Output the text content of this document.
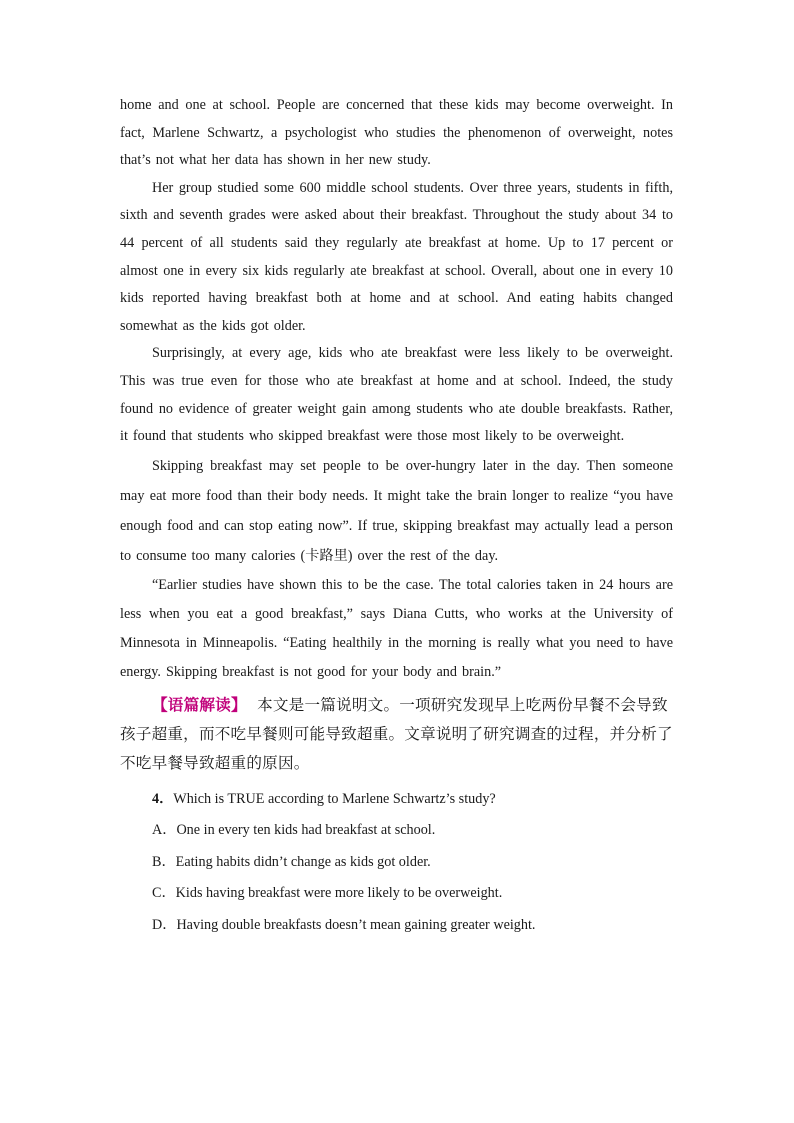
home and one at school. People are concerned that these kids may become overweight. In fact, Marlene Schwartz, a psychologist who studies the phenomenon of overweight, notes that’s not what her data has shown in her new study.

Her group studied some 600 middle school students. Over three years, students in fifth, sixth and seventh grades were asked about their breakfast. Throughout the study about 34 to 44 percent of all students said they regularly ate breakfast at home. Up to 17 percent or almost one in every six kids regularly ate breakfast at school. Overall, about one in every 10 kids reported having breakfast both at home and at school. And eating habits changed somewhat as the kids got older.

Surprisingly, at every age, kids who ate breakfast were less likely to be overweight. This was true even for those who ate breakfast at home and at school. Indeed, the study found no evidence of greater weight gain among students who ate double breakfasts. Rather, it found that students who skipped breakfast were those most likely to be overweight.

Skipping breakfast may set people to be over-hungry later in the day. Then someone may eat more food than their body needs. It might take the brain longer to realize “you have enough food and can stop eating now”. If true, skipping breakfast may actually lead a person to consume too many calories (卡路里) over the rest of the day.

“Earlier studies have shown this to be the case. The total calories taken in 24 hours are less when you eat a good breakfast,” says Diana Cutts, who works at the University of Minnesota in Minneapolis. “Eating healthily in the morning is really what you need to have energy. Skipping breakfast is not good for your body and brain.”

【语篇解读】 本文是一篇说明文。一项研究发现早上吃两份早餐不会导致孩子超重，而不吃早餐则可能导致超重。文章说明了研究调查的过程，并分析了不吃早餐导致超重的原因。

4．Which is TRUE according to Marlene Schwartz’s study?
A．One in every ten kids had breakfast at school.
B．Eating habits didn’t change as kids got older.
C．Kids having breakfast were more likely to be overweight.
D．Having double breakfasts doesn’t mean gaining greater weight.
